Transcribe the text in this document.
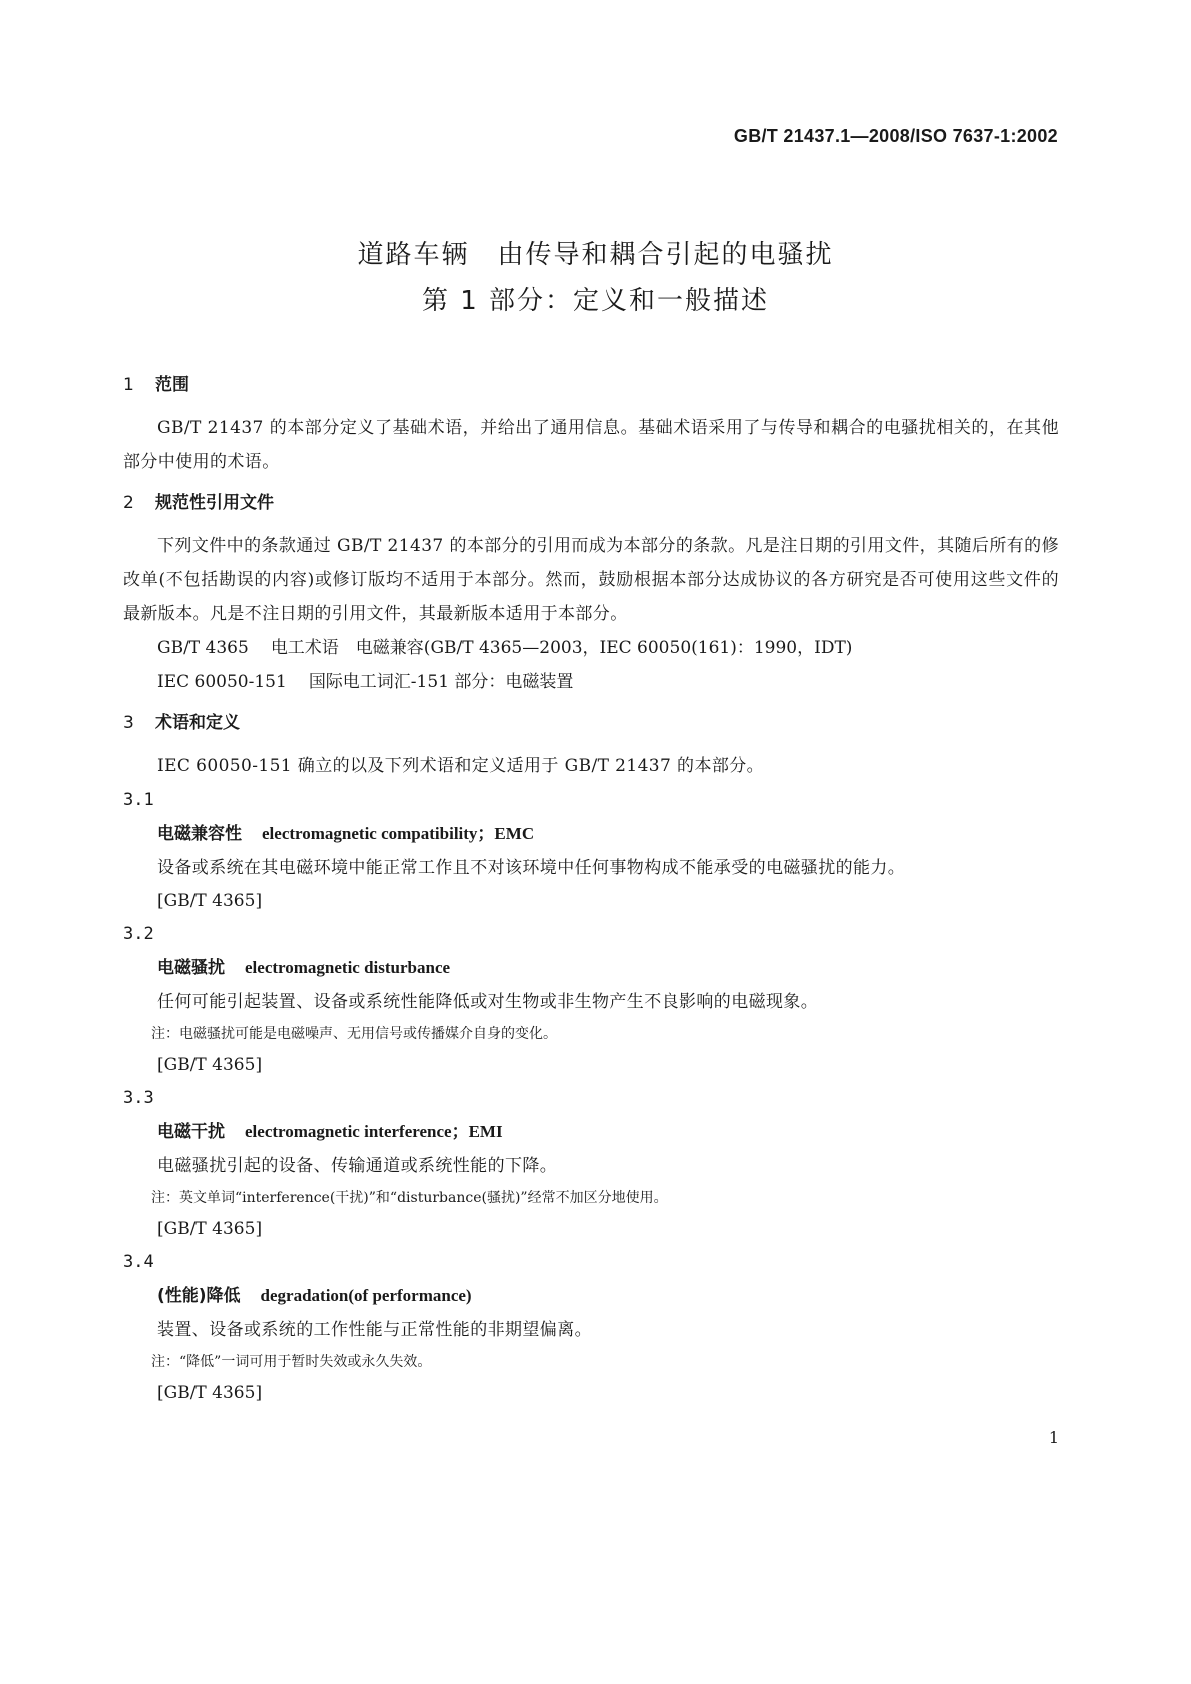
GB/T 21437.1—2008/ISO 7637-1:2002
道路车辆　由传导和耦合引起的电骚扰
第 1 部分：定义和一般描述
1 范围
GB/T 21437 的本部分定义了基础术语，并给出了通用信息。基础术语采用了与传导和耦合的电骚扰相关的，在其他部分中使用的术语。
2 规范性引用文件
下列文件中的条款通过 GB/T 21437 的本部分的引用而成为本部分的条款。凡是注日期的引用文件，其随后所有的修改单(不包括勘误的内容)或修订版均不适用于本部分。然而，鼓励根据本部分达成协议的各方研究是否可使用这些文件的最新版本。凡是不注日期的引用文件，其最新版本适用于本部分。
GB/T 4365 电工术语　电磁兼容(GB/T 4365—2003，IEC 60050(161)：1990，IDT)
IEC 60050-151 国际电工词汇-151 部分：电磁装置
3 术语和定义
IEC 60050-151 确立的以及下列术语和定义适用于 GB/T 21437 的本部分。
3.1
电磁兼容性 electromagnetic compatibility；EMC
设备或系统在其电磁环境中能正常工作且不对该环境中任何事物构成不能承受的电磁骚扰的能力。
[GB/T 4365]
3.2
电磁骚扰 electromagnetic disturbance
任何可能引起装置、设备或系统性能降低或对生物或非生物产生不良影响的电磁现象。
注：电磁骚扰可能是电磁噪声、无用信号或传播媒介自身的变化。
[GB/T 4365]
3.3
电磁干扰 electromagnetic interference；EMI
电磁骚扰引起的设备、传输通道或系统性能的下降。
注：英文单词“interference(干扰)”和“disturbance(骚扰)”经常不加区分地使用。
[GB/T 4365]
3.4
(性能)降低 degradation(of performance)
装置、设备或系统的工作性能与正常性能的非期望偏离。
注：“降低”一词可用于暂时失效或永久失效。
[GB/T 4365]
1
